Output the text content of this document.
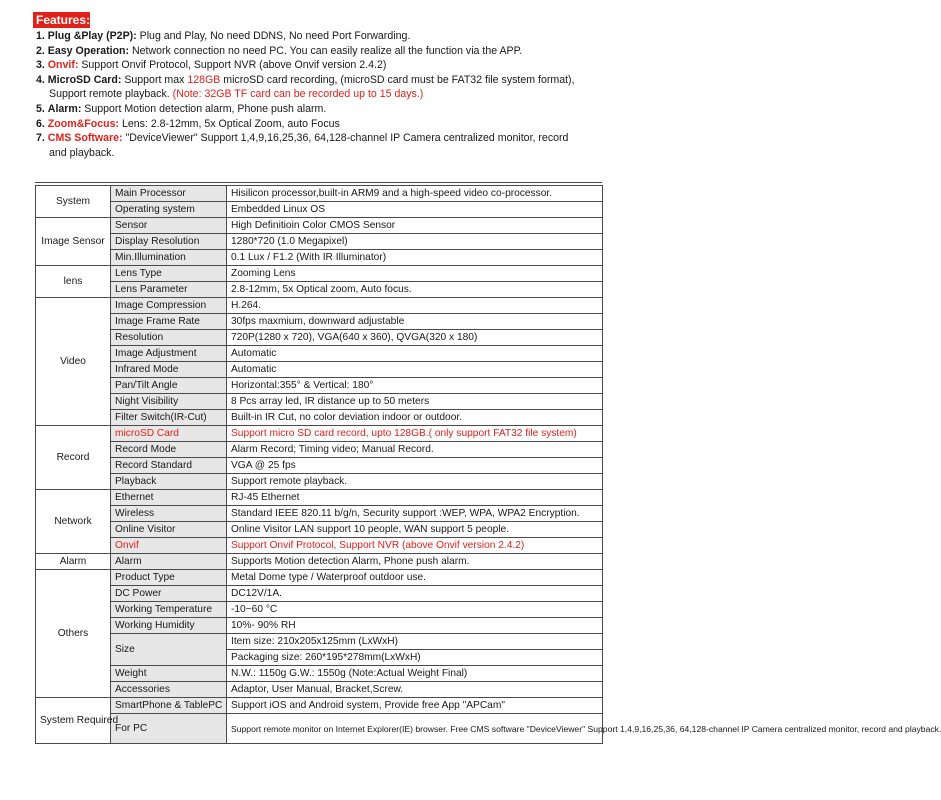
Features:
1. Plug &Play (P2P): Plug and Play, No need DDNS, No need Port Forwarding.
2. Easy Operation: Network connection no need PC. You can easily realize all the function via the APP.
3. Onvif: Support Onvif Protocol, Support NVR (above Onvif version 2.4.2)
4. MicroSD Card: Support max 128GB microSD card recording, (microSD card must be FAT32 file system format),
Support remote playback. (Note: 32GB TF card can be recorded up to 15 days.)
5. Alarm: Support Motion detection alarm, Phone push alarm.
6. Zoom&Focus: Lens: 2.8-12mm, 5x Optical Zoom, auto Focus
7. CMS Software: "DeviceViewer" Support 1,4,9,16,25,36, 64,128-channel IP Camera centralized monitor, record
and playback.
System	Main Processor	Hisilicon processor,built-in ARM9 and a high-speed video co-processor.
	Operating system	Embedded Linux OS
Image Sensor	Sensor	High Definitioin Color CMOS Sensor
	Display Resolution	1280*720 (1.0 Megapixel)
	Min.Illumination	0.1 Lux / F1.2 (With IR Illuminator)
lens	Lens Type	Zooming Lens
	Lens Parameter	2.8-12mm, 5x Optical zoom, Auto focus.
Video	Image Compression	H.264.
	Image Frame Rate	30fps maxmium, downward adjustable
	Resolution	720P(1280 x 720), VGA(640 x 360), QVGA(320 x 180)
	Image Adjustment	Automatic
	Infrared Mode	Automatic
	Pan/Tilt Angle	Horizontal:355° & Vertical: 180°
	Night Visibility	8 Pcs array led, IR distance up to 50 meters
	Filter Switch(IR-Cut)	Built-in IR Cut, no color deviation indoor or outdoor.
Record	microSD Card	Support micro SD card record, upto 128GB.( only support FAT32 file system)
	Record Mode	Alarm Record; Timing video; Manual Record.
	Record Standard	VGA @ 25 fps
	Playback	Support remote playback.
Network	Ethernet	RJ-45 Ethernet
	Wireless	Standard IEEE 820.11 b/g/n, Security support :WEP, WPA, WPA2 Encryption.
	Online Visitor	Online Visitor LAN support 10 people, WAN support 5 people.
	Onvif	Support Onvif Protocol, Support NVR (above Onvif version 2.4.2)
Alarm	Alarm	Supports Motion detection Alarm, Phone push alarm.
Others	Product Type	Metal Dome type / Waterproof outdoor use.
	DC Power	DC12V/1A.
	Working Temperature	-10~60 °C
	Working Humidity	10%- 90% RH
	Size	Item size: 210x205x125mm (LxWxH)
		Packaging size: 260*195*278mm(LxWxH)
	Weight	N.W.: 1150g G.W.: 1550g (Note:Actual Weight Final)
	Accessories	Adaptor, User Manual, Bracket,Screw.
System Required	SmartPhone & TablePC	Support iOS and Android system, Provide free App "APCam"
	For PC	Support remote monitor on Internet Explorer(IE) browser. Free CMS software "DeviceViewer" Support 1,4,9,16,25,36, 64,128-channel IP Camera centralized monitor, record and playback.
